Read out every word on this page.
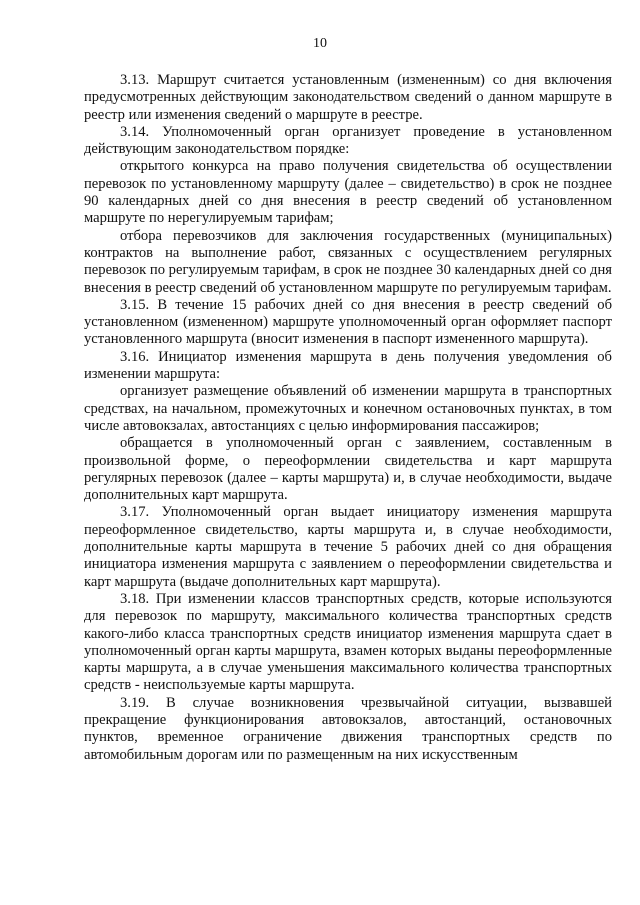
10

3.13. Маршрут считается установленным (измененным) со дня включения предусмотренных действующим законодательством сведений о данном маршруте в реестр или изменения сведений о маршруте в реестре.

3.14. Уполномоченный орган организует проведение в установленном действующим законодательством порядке:

открытого конкурса на право получения свидетельства об осуществлении перевозок по установленному маршруту (далее – свидетельство) в срок не позднее 90 календарных дней со дня внесения в реестр сведений об установленном маршруте по нерегулируемым тарифам;

отбора перевозчиков для заключения государственных (муниципальных) контрактов на выполнение работ, связанных с осуществлением регулярных перевозок по регулируемым тарифам, в срок не позднее 30 календарных дней со дня внесения в реестр сведений об установленном маршруте по регулируемым тарифам.

3.15. В течение 15 рабочих дней со дня внесения в реестр сведений об установленном (измененном) маршруте уполномоченный орган оформляет паспорт установленного маршрута (вносит изменения в паспорт измененного маршрута).

3.16. Инициатор изменения маршрута в день получения уведомления об изменении маршрута:

организует размещение объявлений об изменении маршрута в транспортных средствах, на начальном, промежуточных и конечном остановочных пунктах, в том числе автовокзалах, автостанциях с целью информирования пассажиров;

обращается в уполномоченный орган с заявлением, составленным в произвольной форме, о переоформлении свидетельства и карт маршрута регулярных перевозок (далее – карты маршрута) и, в случае необходимости, выдаче дополнительных карт маршрута.

3.17. Уполномоченный орган выдает инициатору изменения маршрута переоформленное свидетельство, карты маршрута и, в случае необходимости, дополнительные карты маршрута в течение 5 рабочих дней со дня обращения инициатора изменения маршрута с заявлением о переоформлении свидетельства и карт маршрута (выдаче дополнительных карт маршрута).

3.18. При изменении классов транспортных средств, которые используются для перевозок по маршруту, максимального количества транспортных средств какого-либо класса транспортных средств инициатор изменения маршрута сдает в уполномоченный орган карты маршрута, взамен которых выданы переоформленные карты маршрута, а в случае уменьшения максимального количества транспортных средств - неиспользуемые карты маршрута.

3.19. В случае возникновения чрезвычайной ситуации, вызвавшей прекращение функционирования автовокзалов, автостанций, остановочных пунктов, временное ограничение движения транспортных средств по автомобильным дорогам или по размещенным на них искусственным
